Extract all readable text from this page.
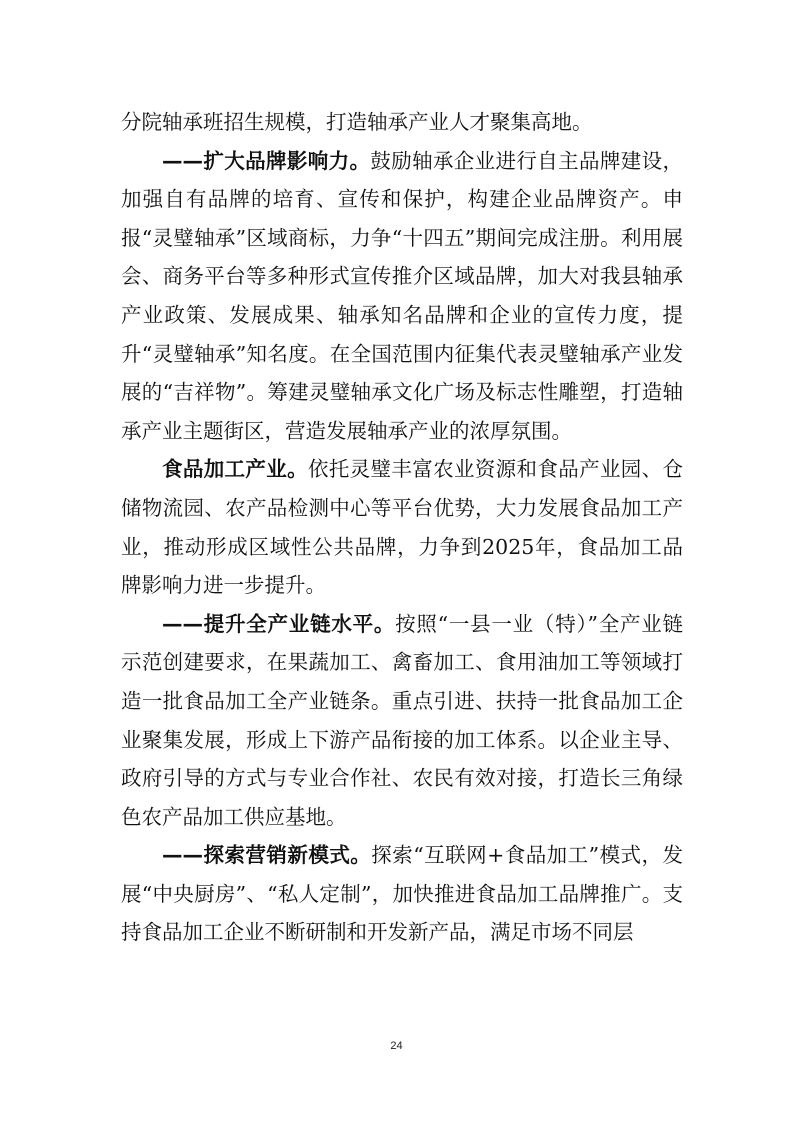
分院轴承班招生规模，打造轴承产业人才聚集高地。

——扩大品牌影响力。鼓励轴承企业进行自主品牌建设，加强自有品牌的培育、宣传和保护，构建企业品牌资产。申报“灵璧轴承”区域商标，力争“十四五”期间完成注册。利用展会、商务平台等多种形式宣传推介区域品牌，加大对我县轴承产业政策、发展成果、轴承知名品牌和企业的宣传力度，提升“灵璧轴承”知名度。在全国范围内征集代表灵璧轴承产业发展的“吉祥物”。筹建灵璧轴承文化广场及标志性雕塑，打造轴承产业主题街区，营造发展轴承产业的浓厚氛围。

食品加工产业。依托灵璧丰富农业资源和食品产业园、仓储物流园、农产品检测中心等平台优势，大力发展食品加工产业，推动形成区域性公共品牌，力争到2025年，食品加工品牌影响力进一步提升。

——提升全产业链水平。按照“一县一业（特）”全产业链示范创建要求，在果蔬加工、禽畜加工、食用油加工等领域打造一批食品加工全产业链条。重点引进、扶持一批食品加工企业聚集发展，形成上下游产品衔接的加工体系。以企业主导、政府引导的方式与专业合作社、农民有效对接，打造长三角绿色农产品加工供应基地。

——探索营销新模式。探索“互联网+食品加工”模式，发展“中央厨房”、“私人定制”，加快推进食品加工品牌推广。支持食品加工企业不断研制和开发新产品，满足市场不同层

24
